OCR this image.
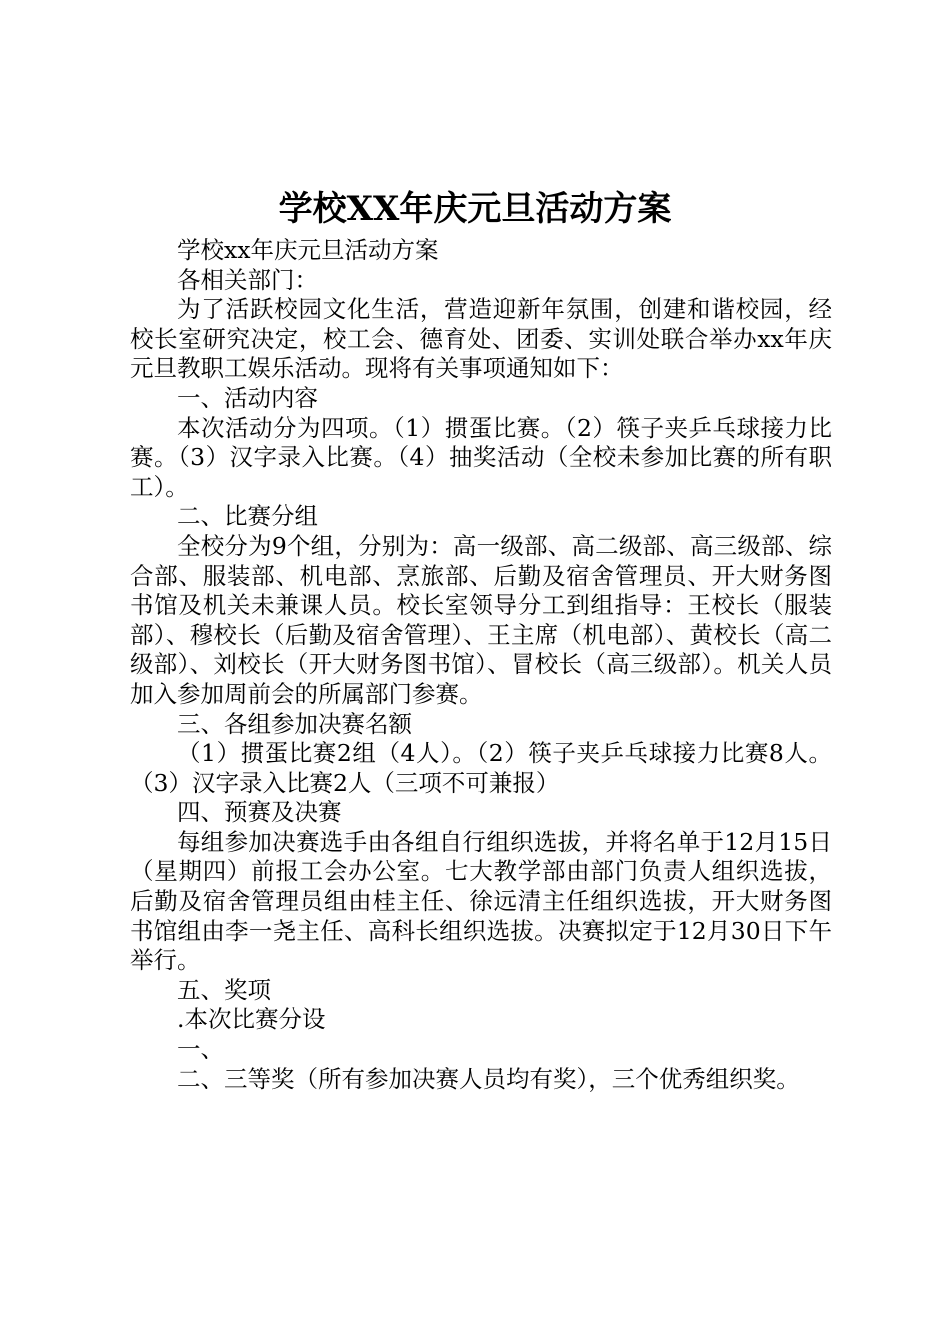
学校XX年庆元旦活动方案

学校xx年庆元旦活动方案

各相关部门：

为了活跃校园文化生活，营造迎新年氛围，创建和谐校园，经校长室研究决定，校工会、德育处、团委、实训处联合举办xx年庆元旦教职工娱乐活动。现将有关事项通知如下：

一、活动内容

本次活动分为四项。（1）掼蛋比赛。（2）筷子夹乒乓球接力比赛。（3）汉字录入比赛。（4）抽奖活动（全校未参加比赛的所有职工）。

二、比赛分组

全校分为9个组，分别为：高一级部、高二级部、高三级部、综合部、服装部、机电部、烹旅部、后勤及宿舍管理员、开大财务图书馆及机关未兼课人员。校长室领导分工到组指导：王校长（服装部）、穆校长（后勤及宿舍管理）、王主席（机电部）、黄校长（高二级部）、刘校长（开大财务图书馆）、冒校长（高三级部）。机关人员加入参加周前会的所属部门参赛。

三、各组参加决赛名额

（1）掼蛋比赛2组（4人）。（2）筷子夹乒乓球接力比赛8人。（3）汉字录入比赛2人（三项不可兼报）

四、预赛及决赛

每组参加决赛选手由各组自行组织选拔，并将名单于12月15日（星期四）前报工会办公室。七大教学部由部门负责人组织选拔，后勤及宿舍管理员组由桂主任、徐远清主任组织选拔，开大财务图书馆组由李一尧主任、高科长组织选拔。决赛拟定于12月30日下午举行。

五、奖项

.本次比赛分设

一、

二、三等奖（所有参加决赛人员均有奖），三个优秀组织奖。
